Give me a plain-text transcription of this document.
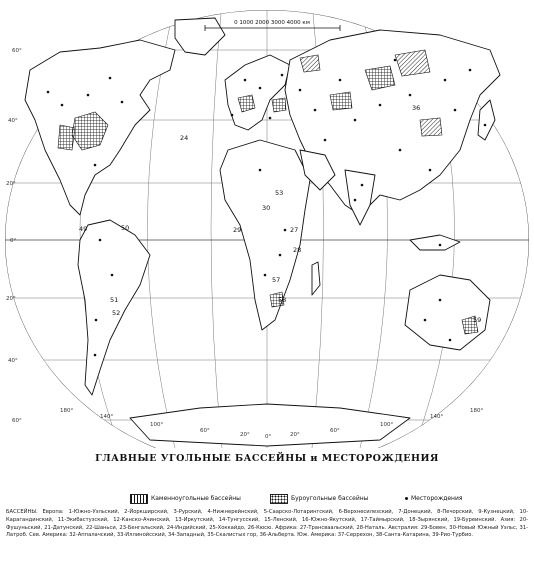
29
30
24
27
28
36
49	50
51
52
53
57
58
59
180°
140°
100°
60°
20°	0°	20°
60°
100°
140°
180°
60°
40°
20°
0°
20°
40°
60°
0 1000 2000 3000 4000 км
ГЛАВНЫЕ УГОЛЬНЫЕ БАССЕЙНЫ и МЕСТОРОЖДЕНИЯ
Каменноугольные бассейны	Буроугольные бассейны	Месторождения
БАССЕЙНЫ. Европа: 1-Южно-Уэльский, 2-Йоркширский, 3-Рурский, 4-Нижнерейнский, 5-Саарско-Лотарингский, 6-Верхнесилезский, 7-Донецкий, 8-Печорский, 9-Кузнецкий, 10-Карагандинский, 11-Экибастузский, 12-Канско-Ачинский, 13-Иркутский, 14-Тунгусский, 15-Ленский, 16-Южно-Якутский, 17-Таймырский, 18-Зырянский, 19-Буреинский. Азия: 20-Фушуньский, 21-Датунский, 22-Шаньси, 23-Бенгальский, 24-Индийский, 25-Хоккайдо, 26-Кюсю. Африка: 27-Трансваальский, 28-Наталь. Австралия: 29-Бовен, 30-Новый Южный Уэльс, 31-Латроб. Сев. Америка: 32-Аппалачский, 33-Иллинойсский, 34-Западный, 35-Скалистых гор, 36-Альберта. Юж. Америка: 37-Серрехон, 38-Санта-Катарина, 39-Рио-Турбио.
